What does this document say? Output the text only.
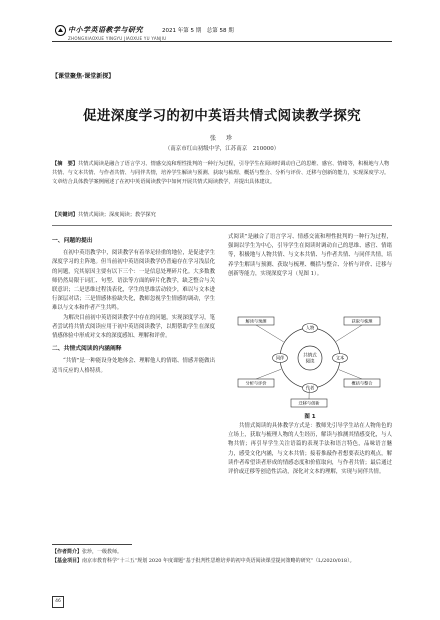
中小学英语教学与研究
ZHONGXIAOXUE YINGYU JIAOXUE YU YANJIU
2021 年第 5 期　总第 58 期
【课堂聚焦·课堂新探】
促进深度学习的初中英语共情式阅读教学探究
张　珍
（南京市红山初级中学，江苏南京　210000）
【摘　要】共情式阅读是融合了语言学习、情感交流和理性批判的一种行为过程，引导学生在阅读时调动自己的思维、感官、情绪等，积极地与人物共情、与文本共情、与作者共情、与同伴共情，培养学生解读与预测、获取与梳理、概括与整合、分析与评价、迁移与创新的能力，实现深度学习。文章结合具体教学案例阐述了在初中英语阅读教学中如何开展共情式阅读教学，并提出具体建议。
【关键词】共情式阅读；深度阅读；教学探究
一、问题的提出

在初中英语教学中，阅读教学有着举足轻重的地位，是促进学生深度学习的主阵地。但当前初中英语阅读教学仍普遍存在学习浅层化的问题，究其原因主要有以下三个：一是信息处理碎片化。大多数教师仍然局限于词汇、句型、语法等方面的碎片化教学，缺乏整合与关联意识；二是思维过程浅表化，学生的思维活动较少，难以与文本进行深层对话；三是情感体验缺失化，教师忽视学生情感的调动，学生难以与文本和作者产生共鸣。

为解决目前初中英语阅读教学中存在的问题，实现深度学习，笔者尝试将共情式阅读应用于初中英语阅读教学，以期帮助学生在深度情感体验中形成对文本的深度感知、理解和评价。

二、共情式阅读的内涵阐释

“共情”是一种能设身处地体会、理解他人的情绪、情感并能做出适当反应的人格特质。

式阅读”是融合了语言学习、情感交流和理性批判的一种行为过程，强调以学生为中心，引导学生在阅读时调动自己的思维、感官、情绪等，积极地与人物共情、与文本共情、与作者共情、与同伴共情，培养学生解读与预测、获取与梳理、概括与整合、分析与评价、迁移与创新等能力，实现深度学习（见图 1）。

共情式
阅读
人物
文本
作者
同伴
解读与预测	获取与梳理
概括与整合
分析与评价
迁移与创新
图 1

共情式阅读的具体教学方式是：教师先引导学生站在人物角色的立场上，获取与梳理人物的人生经历，解读与推测其情感变化，与人物共情；再引导学生关注语篇的表现手法和语言特色，品味语言魅力，感受文化内涵，与文本共情；接着推敲作者想要表达的观点，解读作者希望读者形成的情感态度和价值取向，与作者共情；最后通过评价或迁移等创造性活动，深化对文本的理解，实现与同伴共情。

【作者简介】张珍，一级教师。
【基金项目】南京市教育科学“十三五”规划 2020 年度课题“基于批判性思维培养的初中英语阅读课堂提问策略的研究”（L/2020/018）。
46
